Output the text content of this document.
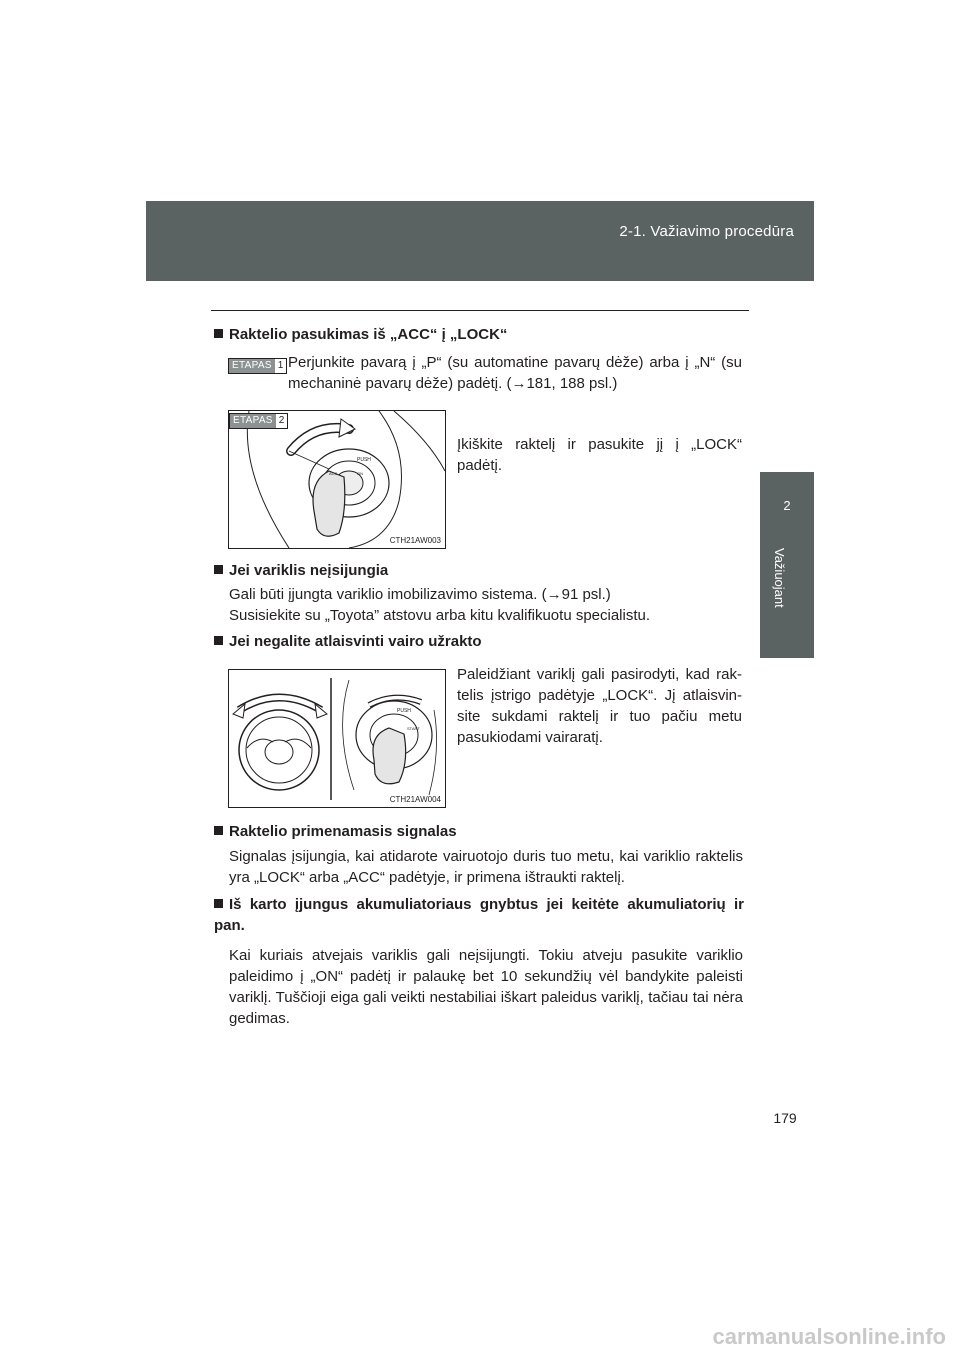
2-1. Važiavimo procedūra
2
Važiuojant
Raktelio pasukimas iš „ACC“ į „LOCK“
ETAPAS 1 Perjunkite pavarą į „P“ (su automatine pavarų dėže) arba į „N“ (su mechaninė pavarų dėže) padėtį. (→181, 188 psl.)
PUSH
ACC	ON
ETAPAS 2
CTH21AW003
Įkiškite raktelį ir pasukite jį į „LOCK“ padėtį.
Jei variklis neįsijungia
Gali būti įjungta variklio imobilizavimo sistema. (→91 psl.)
Susisiekite su „Toyota” atstovu arba kitu kvalifikuotu specialistu.
Jei negalite atlaisvinti vairo užrakto
PUSH
START
CTH21AW004
Paleidžiant variklį gali pasirodyti, kad rak-telis įstrigo padėtyje „LOCK“. Jį atlaisvin-site sukdami raktelį ir tuo pačiu metu pasukiodami vairaratį.
Raktelio primenamasis signalas
Signalas įsijungia, kai atidarote vairuotojo duris tuo metu, kai variklio raktelis yra „LOCK“ arba „ACC“ padėtyje, ir primena ištraukti raktelį.
Iš karto įjungus akumuliatoriaus gnybtus jei keitėte akumuliatorių ir pan.
Kai kuriais atvejais variklis gali neįsijungti. Tokiu atveju pasukite variklio paleidimo į „ON“ padėtį ir palaukę bet 10 sekundžių vėl bandykite paleisti variklį. Tuščioji eiga gali veikti nestabiliai iškart paleidus variklį, tačiau tai nėra gedimas.
179
carmanualsonline.info
